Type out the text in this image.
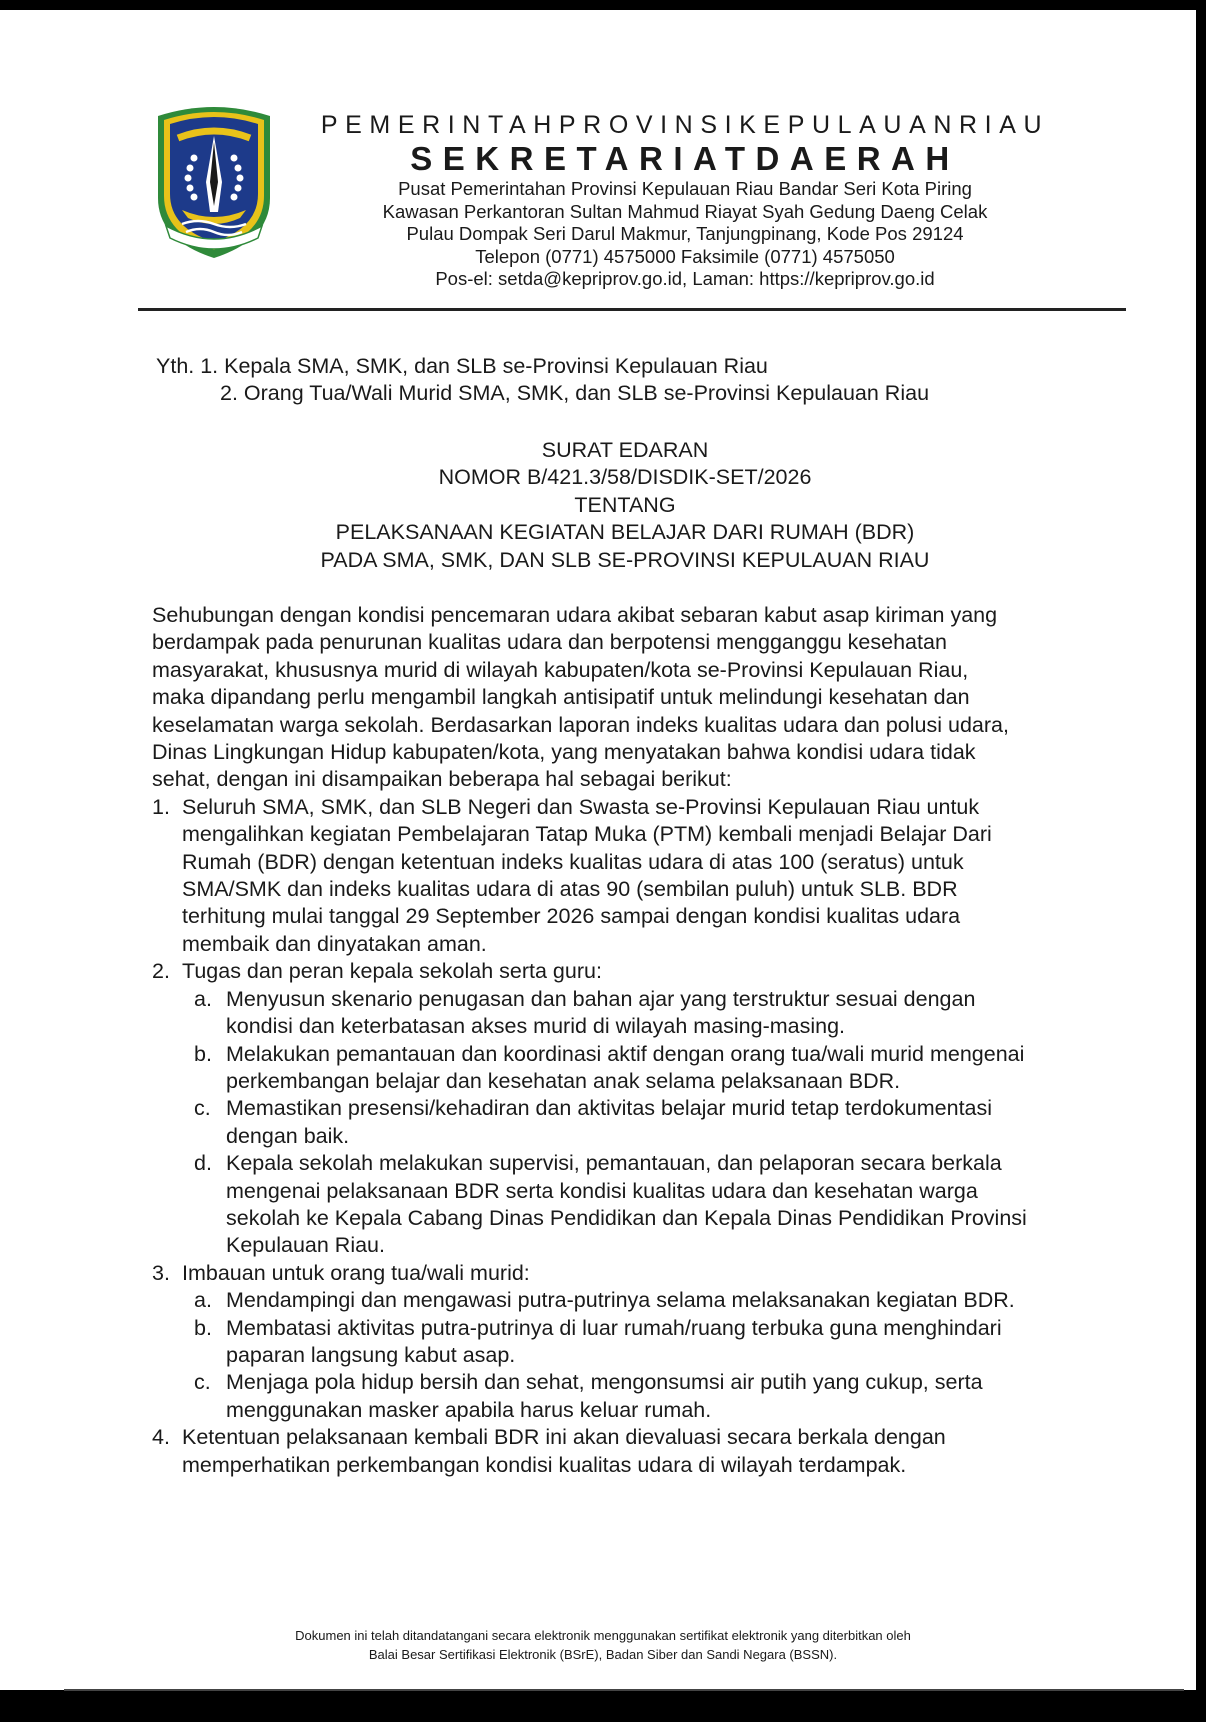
PEMERINTAHPROVINSIKEPULAUANRIAU
SEKRETARIATDAERAH
Pusat Pemerintahan Provinsi Kepulauan Riau Bandar Seri Kota Piring
Kawasan Perkantoran Sultan Mahmud Riayat Syah Gedung Daeng Celak
Pulau Dompak Seri Darul Makmur, Tanjungpinang, Kode Pos 29124
Telepon (0771) 4575000 Faksimile (0771) 4575050
Pos-el: setda@kepriprov.go.id, Laman: https://kepriprov.go.id
Yth. 1. Kepala SMA, SMK, dan SLB se-Provinsi Kepulauan Riau
2. Orang Tua/Wali Murid SMA, SMK, dan SLB se-Provinsi Kepulauan Riau
SURAT EDARAN
NOMOR B/421.3/58/DISDIK-SET/2026
TENTANG
PELAKSANAAN KEGIATAN BELAJAR DARI RUMAH (BDR)
PADA SMA, SMK, DAN SLB SE-PROVINSI KEPULAUAN RIAU
Sehubungan dengan kondisi pencemaran udara akibat sebaran kabut asap kiriman yang
berdampak pada penurunan kualitas udara dan berpotensi mengganggu kesehatan
masyarakat, khususnya murid di wilayah kabupaten/kota se-Provinsi Kepulauan Riau,
maka dipandang perlu mengambil langkah antisipatif untuk melindungi kesehatan dan
keselamatan warga sekolah. Berdasarkan laporan indeks kualitas udara dan polusi udara,
Dinas Lingkungan Hidup kabupaten/kota, yang menyatakan bahwa kondisi udara tidak
sehat, dengan ini disampaikan beberapa hal sebagai berikut:
1. Seluruh SMA, SMK, dan SLB Negeri dan Swasta se-Provinsi Kepulauan Riau untuk
mengalihkan kegiatan Pembelajaran Tatap Muka (PTM) kembali menjadi Belajar Dari
Rumah (BDR) dengan ketentuan indeks kualitas udara di atas 100 (seratus) untuk
SMA/SMK dan indeks kualitas udara di atas 90 (sembilan puluh) untuk SLB. BDR
terhitung mulai tanggal 29 September 2026 sampai dengan kondisi kualitas udara
membaik dan dinyatakan aman.
2. Tugas dan peran kepala sekolah serta guru:
a. Menyusun skenario penugasan dan bahan ajar yang terstruktur sesuai dengan
kondisi dan keterbatasan akses murid di wilayah masing-masing.
b. Melakukan pemantauan dan koordinasi aktif dengan orang tua/wali murid mengenai
perkembangan belajar dan kesehatan anak selama pelaksanaan BDR.
c. Memastikan presensi/kehadiran dan aktivitas belajar murid tetap terdokumentasi
dengan baik.
d. Kepala sekolah melakukan supervisi, pemantauan, dan pelaporan secara berkala
mengenai pelaksanaan BDR serta kondisi kualitas udara dan kesehatan warga
sekolah ke Kepala Cabang Dinas Pendidikan dan Kepala Dinas Pendidikan Provinsi
Kepulauan Riau.
3. Imbauan untuk orang tua/wali murid:
a. Mendampingi dan mengawasi putra-putrinya selama melaksanakan kegiatan BDR.
b. Membatasi aktivitas putra-putrinya di luar rumah/ruang terbuka guna menghindari
paparan langsung kabut asap.
c. Menjaga pola hidup bersih dan sehat, mengonsumsi air putih yang cukup, serta
menggunakan masker apabila harus keluar rumah.
4. Ketentuan pelaksanaan kembali BDR ini akan dievaluasi secara berkala dengan
memperhatikan perkembangan kondisi kualitas udara di wilayah terdampak.
Dokumen ini telah ditandatangani secara elektronik menggunakan sertifikat elektronik yang diterbitkan oleh
Balai Besar Sertifikasi Elektronik (BSrE), Badan Siber dan Sandi Negara (BSSN).
